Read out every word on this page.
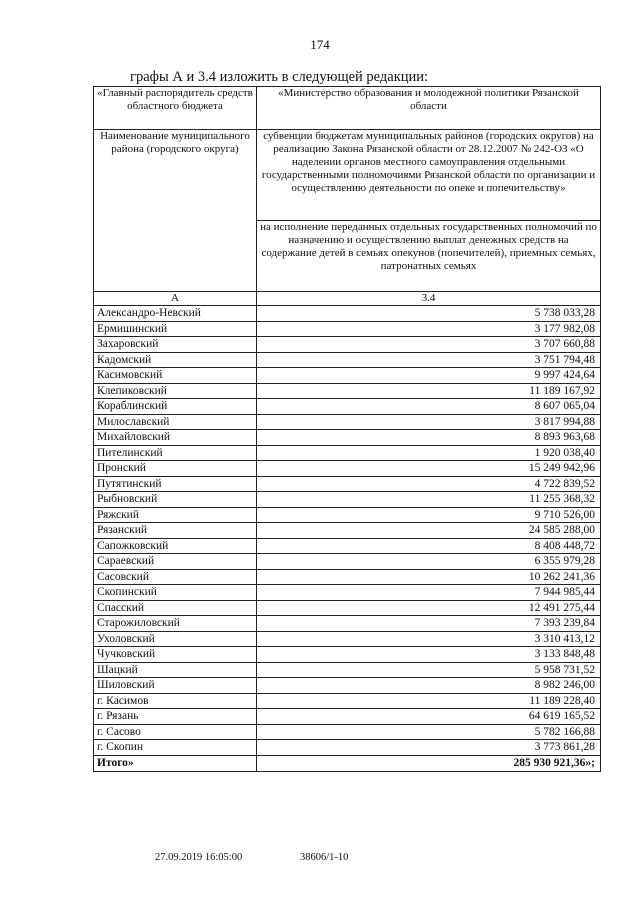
174
графы А и 3.4 изложить в следующей редакции:
«Главный распорядитель средств областного бюджета	«Министерство образования и молодежной политики Рязанской области
Наименование муниципального района (городского округа)	субвенции бюджетам муниципальных районов (городских округов) на реализацию Закона Рязанской области от 28.12.2007 № 242-ОЗ «О наделении органов местного самоуправления отдельными государственными полномочиями Рязанской области по организации и осуществлению деятельности по опеке и попечительству»
	на исполнение переданных отдельных государственных полномочий по назначению и осуществлению выплат денежных средств на содержание детей в семьях опекунов (попечителей), приемных семьях, патронатных семьях
А	3.4
Александро-Невский	5 738 033,28
Ермишинский	3 177 982,08
Захаровский	3 707 660,88
Кадомский	3 751 794,48
Касимовский	9 997 424,64
Клепиковский	11 189 167,92
Кораблинский	8 607 065,04
Милославский	3 817 994,88
Михайловский	8 893 963,68
Пителинский	1 920 038,40
Пронский	15 249 942,96
Путятинский	4 722 839,52
Рыбновский	11 255 368,32
Ряжский	9 710 526,00
Рязанский	24 585 288,00
Сапожковский	8 408 448,72
Сараевский	6 355 979,28
Сасовский	10 262 241,36
Скопинский	7 944 985,44
Спасский	12 491 275,44
Старожиловский	7 393 239,84
Ухоловский	3 310 413,12
Чучковский	3 133 848,48
Шацкий	5 958 731,52
Шиловский	8 982 246,00
г. Касимов	11 189 228,40
г. Рязань	64 619 165,52
г. Сасово	5 782 166,88
г. Скопин	3 773 861,28
Итого»	285 930 921,36»;
27.09.2019 16:05:00	38606/1-10
